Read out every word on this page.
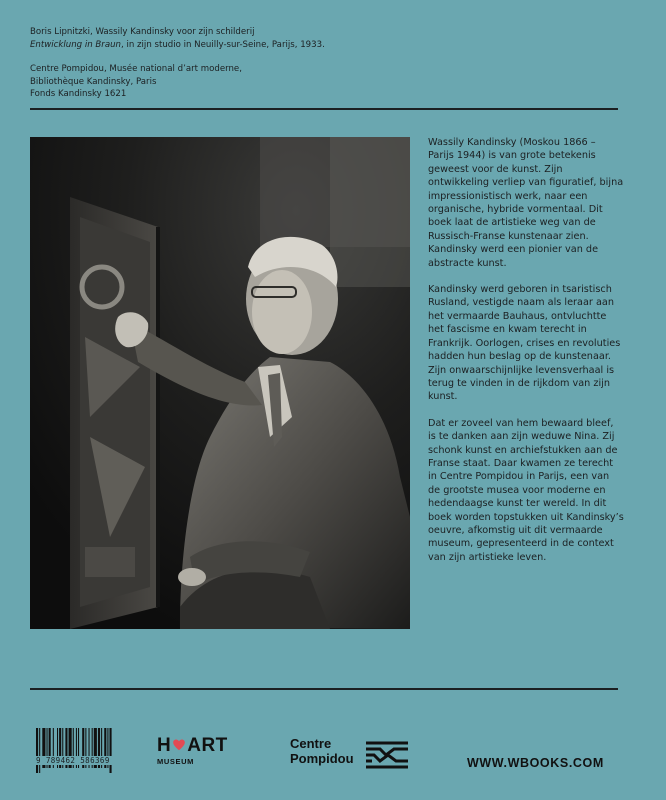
Boris Lipnitzki, Wassily Kandinsky voor zijn schilderij

Entwicklung in Braun, in zijn studio in Neuilly-sur-Seine, Parijs, 1933.

Centre Pompidou, Musée national d’art moderne,

Bibliothèque Kandinsky, Paris

Fonds Kandinsky 1621

Wassily Kandinsky (Moskou 1866 – Parijs 1944) is van grote betekenis geweest voor de kunst. Zijn ontwikkeling verliep van figuratief, bijna impressionistisch werk, naar een organische, hybride vormentaal. Dit boek laat de artistieke weg van de Russisch-Franse kunstenaar zien. Kandinsky werd een pionier van de abstracte kunst.

Kandinsky werd geboren in tsaristisch Rusland, vestigde naam als leraar aan het vermaarde Bauhaus, ontvluchtte het fascisme en kwam terecht in Frankrijk. Oorlogen, crises en revoluties hadden hun beslag op de kunstenaar. Zijn onwaarschijnlijke levensverhaal is terug te vinden in de rijkdom van zijn kunst.

Dat er zoveel van hem bewaard bleef, is te danken aan zijn weduwe Nina. Zij schonk kunst en archiefstukken aan de Franse staat. Daar kwamen ze terecht in Centre Pompidou in Parijs, een van de grootste musea voor moderne en hedendaagse kunst ter wereld. In dit boek worden topstukken uit Kandinsky’s oeuvre, afkomstig uit dit vermaarde museum, gepresenteerd in de context van zijn artistieke leven.

9 789462 586369
H ART
MUSEUM
Centre
Pompidou	WWW.WBOOKS.COM
